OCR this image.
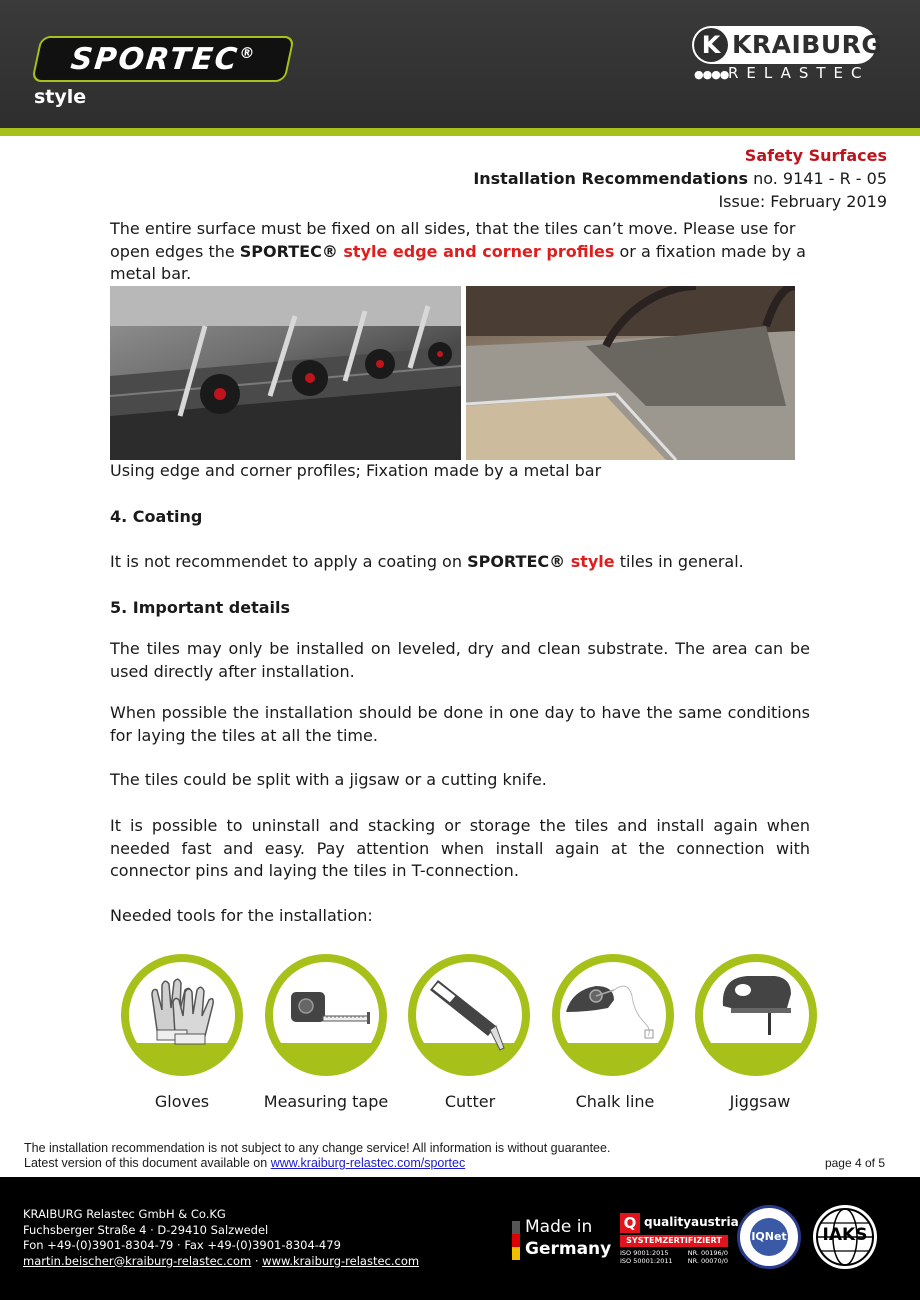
SPORTEC®
style
K KRAIBURG
●●●● RELASTEC
Safety Surfaces
Installation Recommendations no. 9141 - R - 05
Issue: February 2019
The entire surface must be fixed on all sides, that the tiles can’t move. Please use for open edges the SPORTEC® style edge and corner profiles or a fixation made by a metal bar.
Using edge and corner profiles; Fixation made by a metal bar
4. Coating
It is not recommendet to apply a coating on SPORTEC® style tiles in general.
5. Important details
The tiles may only be installed on leveled, dry and clean substrate. The area can be used directly after installation.
When possible the installation should be done in one day to have the same conditions for laying the tiles at all the time.
The tiles could be split with a jigsaw or a cutting knife.
It is possible to uninstall and stacking or storage the tiles and install again when needed fast and easy. Pay attention when install again at the connection with connector pins and laying the tiles in T-connection.
Needed tools for the installation:
Gloves	Measuring tape	Cutter	Chalk line	Jiggsaw
The installation recommendation is not subject to any change service! All information is without guarantee.
Latest version of this document available on www.kraiburg-relastec.com/sportec	page 4 of 5
KRAIBURG Relastec GmbH & Co.KG
Fuchsberger Straße 4 · D-29410 Salzwedel
Fon +49-(0)3901-8304-79 · Fax +49-(0)3901-8304-479
martin.beischer@kraiburg-relastec.com · www.kraiburg-relastec.com
Made in
Germany
Q qualityaustria
SYSTEMZERTIFIZIERT
ISO 9001:2015	NR. 00196/0
ISO 50001:2011 NR. 00070/0
IQNet	IAKS
